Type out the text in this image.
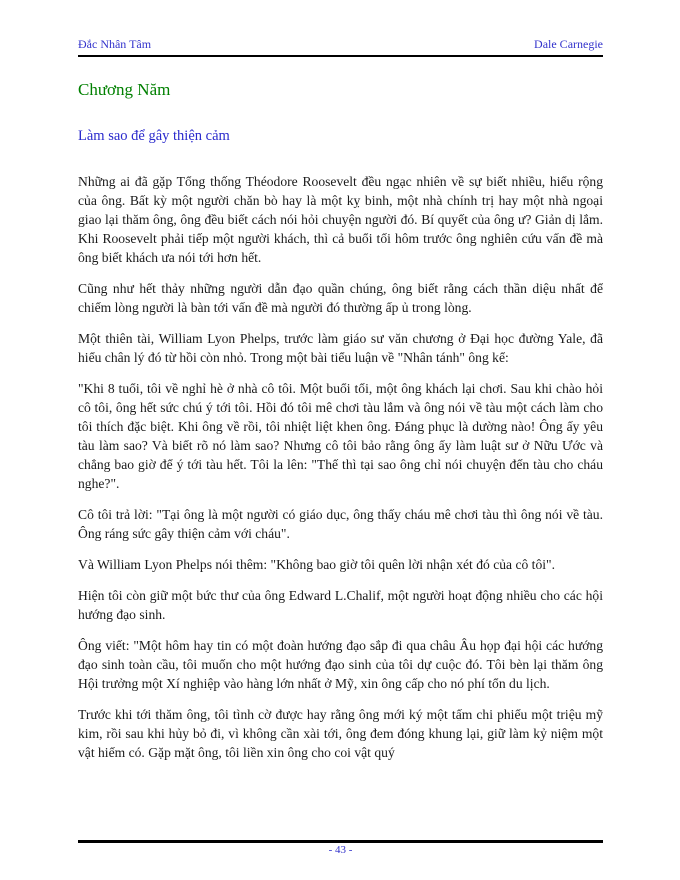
Đắc Nhân Tâm	Dale Carnegie
Chương Năm
Làm sao để gây thiện cảm

Những ai đã gặp Tổng thống Théodore Roosevelt đều ngạc nhiên về sự biết nhiều, hiểu rộng của ông. Bất kỳ một người chăn bò hay là một kỵ binh, một nhà chính trị hay một nhà ngoại giao lại thăm ông, ông đều biết cách nói hỏi chuyện người đó. Bí quyết của ông ư? Giản dị lắm. Khi Roosevelt phải tiếp một người khách, thì cả buổi tối hôm trước ông nghiên cứu vấn đề mà ông biết khách ưa nói tới hơn hết.

Cũng như hết thảy những người dẫn đạo quần chúng, ông biết rằng cách thần diệu nhất để chiếm lòng người là bàn tới vấn đề mà người đó thường ấp ủ trong lòng.

Một thiên tài, William Lyon Phelps, trước làm giáo sư văn chương ở Đại học đường Yale, đã hiểu chân lý đó từ hồi còn nhỏ. Trong một bài tiểu luận về "Nhân tánh" ông kể:

"Khi 8 tuổi, tôi về nghỉ hè ở nhà cô tôi. Một buổi tối, một ông khách lại chơi. Sau khi chào hỏi cô tôi, ông hết sức chú ý tới tôi. Hồi đó tôi mê chơi tàu lắm và ông nói về tàu một cách làm cho tôi thích đặc biệt. Khi ông về rồi, tôi nhiệt liệt khen ông. Đáng phục là dường nào! Ông ấy yêu tàu làm sao? Và biết rõ nó làm sao? Nhưng cô tôi bảo rằng ông ấy làm luật sư ở Nữu Ước và chẳng bao giờ để ý tới tàu hết. Tôi la lên: "Thế thì tại sao ông chỉ nói chuyện đến tàu cho cháu nghe?".

Cô tôi trả lời: "Tại ông là một người có giáo dục, ông thấy cháu mê chơi tàu thì ông nói về tàu. Ông ráng sức gây thiện cảm với cháu".

Và William Lyon Phelps nói thêm: "Không bao giờ tôi quên lời nhận xét đó của cô tôi".

Hiện tôi còn giữ một bức thư của ông Edward L.Chalif, một người hoạt động nhiều cho các hội hướng đạo sinh.

Ông viết: "Một hôm hay tin có một đoàn hướng đạo sắp đi qua châu Âu họp đại hội các hướng đạo sinh toàn cầu, tôi muốn cho một hướng đạo sinh của tôi dự cuộc đó. Tôi bèn lại thăm ông Hội trưởng một Xí nghiệp vào hàng lớn nhất ở Mỹ, xin ông cấp cho nó phí tổn du lịch.

Trước khi tới thăm ông, tôi tình cờ được hay rằng ông mới ký một tấm chi phiếu một triệu mỹ kim, rồi sau khi hủy bỏ đi, vì không cần xài tới, ông đem đóng khung lại, giữ làm kỷ niệm một vật hiếm có. Gặp mặt ông, tôi liền xin ông cho coi vật quý

- 43 -
